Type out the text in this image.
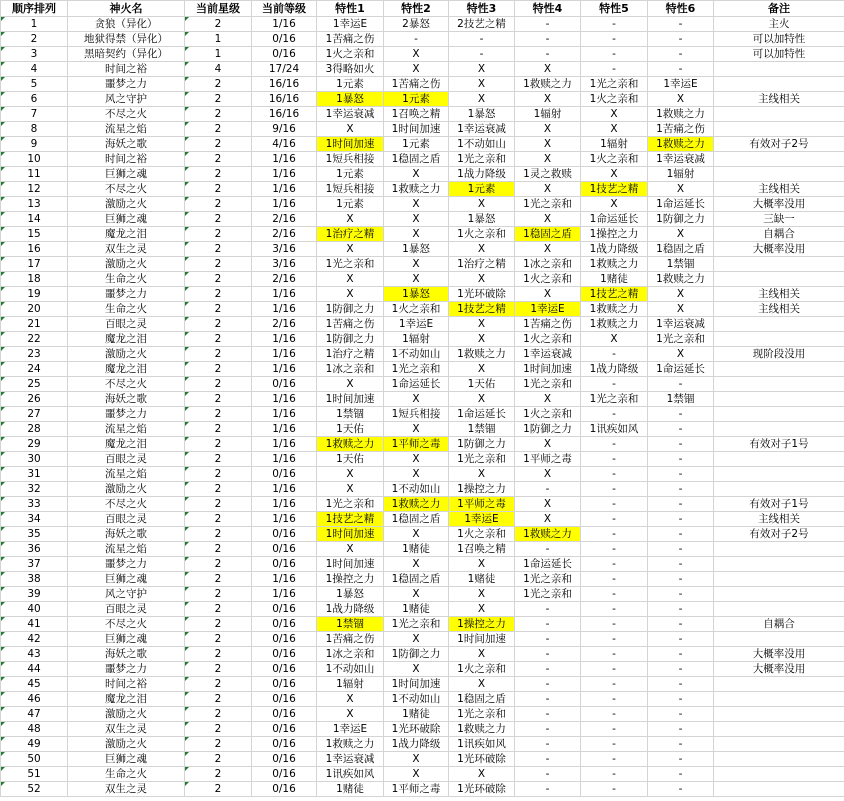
顺序排列	神火名	当前星级	当前等级	特性1	特性2	特性3	特性4	特性5	特性6	备注
1	贪狼（异化）	2	1/16	1幸运E	2暴怒	2技艺之精	-	-	-	主火
2	地狱得禁（异化）	1	0/16	1苦痛之伤	-	-	-	-	-	可以加特性
3	黑暗契约（异化）	1	0/16	1火之亲和	X	-	-	-	-	可以加特性
4	时间之裕	4	17/24	3得略如火	X	X	X	-	-	
5	噩梦之力	2	16/16	1元素	1苦痛之伤	X	1救赎之力	1光之亲和	1幸运E	
6	风之守护	2	16/16	1暴怒	1元素	X	X	1火之亲和	X	主线相关
7	不尽之火	2	16/16	1幸运衰减	1召唤之精	1暴怒	1辐射	X	1救赎之力	
8	流星之焰	2	9/16	X	1时间加速	1幸运衰减	X	X	1苦痛之伤	
9	海妖之歌	2	4/16	1时间加速	1元素	1不动如山	X	1辐射	1救赎之力	有效对子2号
10	时间之裕	2	1/16	1短兵相接	1稳固之盾	1光之亲和	X	1火之亲和	1幸运衰减	
11	巨狮之魂	2	1/16	1元素	X	1战力降级	1灵之救赎	X	1辐射	
12	不尽之火	2	1/16	1短兵相接	1救赎之力	1元素	X	1技艺之精	X	主线相关
13	激励之火	2	1/16	1元素	X	X	1光之亲和	X	1命运延长	大概率没用
14	巨狮之魂	2	2/16	X	X	1暴怒	X	1命运延长	1防御之力	三缺一
15	魔龙之泪	2	2/16	1治疗之精	X	1火之亲和	1稳固之盾	1操控之力	X	自耦合
16	双生之灵	2	3/16	X	1暴怒	X	X	1战力降级	1稳固之盾	大概率没用
17	激励之火	2	3/16	1光之亲和	X	1治疗之精	1冰之亲和	1救赎之力	1禁锢	
18	生命之火	2	2/16	X	X	X	1火之亲和	1赌徒	1救赎之力	
19	噩梦之力	2	1/16	X	1暴怒	1光环破除	X	1技艺之精	X	主线相关
20	生命之火	2	1/16	1防御之力	1火之亲和	1技艺之精	1幸运E	1救赎之力	X	主线相关
21	百眼之灵	2	2/16	1苦痛之伤	1幸运E	X	1苦痛之伤	1救赎之力	1幸运衰减	
22	魔龙之泪	2	1/16	1防御之力	1辐射	X	1火之亲和	X	1光之亲和	
23	激励之火	2	1/16	1治疗之精	1不动如山	1救赎之力	1幸运衰减	-	X	现阶段没用
24	魔龙之泪	2	1/16	1冰之亲和	1光之亲和	X	1时间加速	1战力降级	1命运延长	
25	不尽之火	2	0/16	X	1命运延长	1天佑	1光之亲和	-	-	
26	海妖之歌	2	1/16	1时间加速	X	X	X	1光之亲和	1禁锢	
27	噩梦之力	2	1/16	1禁锢	1短兵相接	1命运延长	1火之亲和	-	-	
28	流星之焰	2	1/16	1天佑	X	1禁锢	1防御之力	1讯疾如风	-	
29	魔龙之泪	2	1/16	1救赎之力	1平师之毒	1防御之力	X	-	-	有效对子1号
30	百眼之灵	2	1/16	1天佑	X	1光之亲和	1平师之毒	-	-	
31	流星之焰	2	0/16	X	X	X	X	-	-	
32	激励之火	2	1/16	X	1不动如山	1操控之力	-	-	-	
33	不尽之火	2	1/16	1光之亲和	1救赎之力	1平师之毒	X	-	-	有效对子1号
34	百眼之灵	2	1/16	1技艺之精	1稳固之盾	1幸运E	X	-	-	主线相关
35	海妖之歌	2	0/16	1时间加速	X	1火之亲和	1救赎之力	-	-	有效对子2号
36	流星之焰	2	0/16	X	1赌徒	1召唤之精	-	-	-	
37	噩梦之力	2	0/16	1时间加速	X	X	1命运延长	-	-	
38	巨狮之魂	2	1/16	1操控之力	1稳固之盾	1赌徒	1光之亲和	-	-	
39	风之守护	2	1/16	1暴怒	X	X	1光之亲和	-	-	
40	百眼之灵	2	0/16	1战力降级	1赌徒	X	-	-	-	
41	不尽之火	2	0/16	1禁锢	1光之亲和	1操控之力	-	-	-	自耦合
42	巨狮之魂	2	0/16	1苦痛之伤	X	1时间加速	-	-	-	
43	海妖之歌	2	0/16	1冰之亲和	1防御之力	X	-	-	-	大概率没用
44	噩梦之力	2	0/16	1不动如山	X	1火之亲和	-	-	-	大概率没用
45	时间之裕	2	0/16	1辐射	1时间加速	X	-	-	-	
46	魔龙之泪	2	0/16	X	1不动如山	1稳固之盾	-	-	-	
47	激励之火	2	0/16	X	1赌徒	1光之亲和	-	-	-	
48	双生之灵	2	0/16	1幸运E	1光环破除	1救赎之力	-	-	-	
49	激励之火	2	0/16	1救赎之力	1战力降级	1讯疾如风	-	-	-	
50	巨狮之魂	2	0/16	1幸运衰减	X	1光环破除	-	-	-	
51	生命之火	2	0/16	1讯疾如风	X	X	-	-	-	
52	双生之灵	2	0/16	1赌徒	1平师之毒	1光环破除	-	-	-	
